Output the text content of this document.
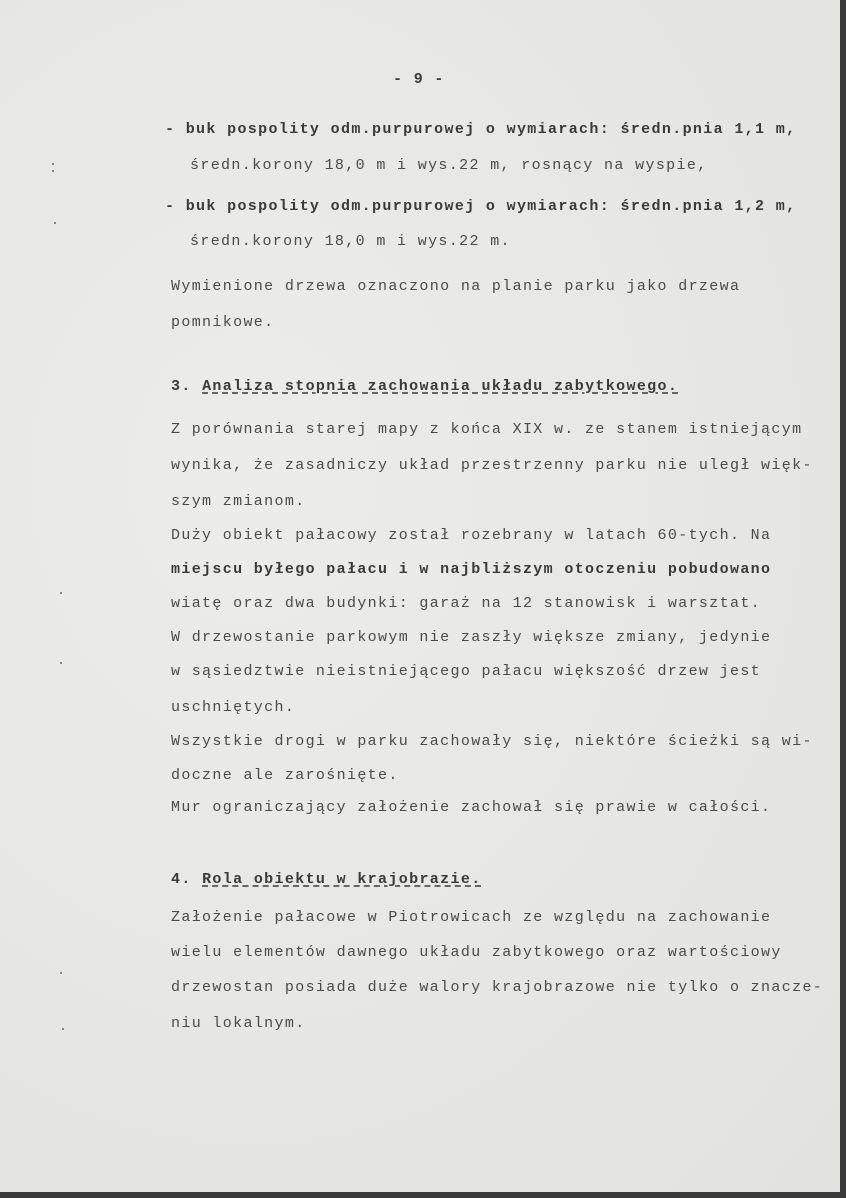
- 9 -
- buk pospolity odm.purpurowej o wymiarach: średn.pnia 1,1 m,
średn.korony 18,0 m i wys.22 m, rosnący na wyspie,
- buk pospolity odm.purpurowej o wymiarach: średn.pnia 1,2 m,
średn.korony 18,0 m i wys.22 m.
Wymienione drzewa oznaczono na planie parku jako drzewa
pomnikowe.
3. Analiza stopnia zachowania układu zabytkowego.
Z porównania starej mapy z końca XIX w. ze stanem istniejącym
wynika, że zasadniczy układ przestrzenny parku nie uległ więk-
szym zmianom.
Duży obiekt pałacowy został rozebrany w latach 60-tych. Na
miejscu byłego pałacu i w najbliższym otoczeniu pobudowano
wiatę oraz dwa budynki: garaż na 12 stanowisk i warsztat.
W drzewostanie parkowym nie zaszły większe zmiany, jedynie
w sąsiedztwie nieistniejącego pałacu większość drzew jest
uschniętych.
Wszystkie drogi w parku zachowały się, niektóre ścieżki są wi-
doczne ale zarośnięte.
Mur ograniczający założenie zachował się prawie w całości.
4. Rola obiektu w krajobrazie.
Założenie pałacowe w Piotrowicach ze względu na zachowanie
wielu elementów dawnego układu zabytkowego oraz wartościowy
drzewostan posiada duże walory krajobrazowe nie tylko o znacze-
niu lokalnym.
